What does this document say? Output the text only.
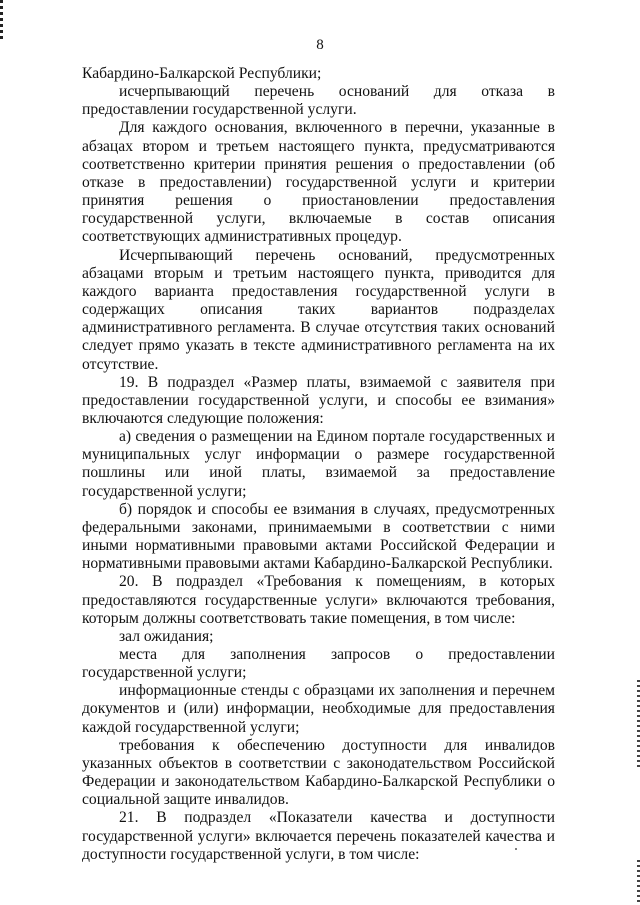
8

Кабардино-Балкарской Республики;

исчерпывающий перечень оснований для отказа в предоставлении государственной услуги.

Для каждого основания, включенного в перечни, указанные в абзацах втором и третьем настоящего пункта, предусматриваются соответственно критерии принятия решения о предоставлении (об отказе в предоставлении) государственной услуги и критерии принятия решения о приостановлении предоставления государственной услуги, включаемые в состав описания соответствующих административных процедур.

Исчерпывающий перечень оснований, предусмотренных абзацами вторым и третьим настоящего пункта, приводится для каждого варианта предоставления государственной услуги в содержащих описания таких вариантов подразделах административного регламента. В случае отсутствия таких оснований следует прямо указать в тексте административного регламента на их отсутствие.

19. В подраздел «Размер платы, взимаемой с заявителя при предоставлении государственной услуги, и способы ее взимания» включаются следующие положения:

а) сведения о размещении на Едином портале государственных и муниципальных услуг информации о размере государственной пошлины или иной платы, взимаемой за предоставление государственной услуги;

б) порядок и способы ее взимания в случаях, предусмотренных федеральными законами, принимаемыми в соответствии с ними иными нормативными правовыми актами Российской Федерации и нормативными правовыми актами Кабардино-Балкарской Республики.

20. В подраздел «Требования к помещениям, в которых предоставляются государственные услуги» включаются требования, которым должны соответствовать такие помещения, в том числе:

зал ожидания;

места для заполнения запросов о предоставлении государственной услуги;

информационные стенды с образцами их заполнения и перечнем документов и (или) информации, необходимые для предоставления каждой государственной услуги;

требования к обеспечению доступности для инвалидов указанных объектов в соответствии с законодательством Российской Федерации и законодательством Кабардино-Балкарской Республики о социальной защите инвалидов.

21. В подраздел «Показатели качества и доступности государственной услуги» включается перечень показателей качества и доступности государственной услуги, в том числе:
